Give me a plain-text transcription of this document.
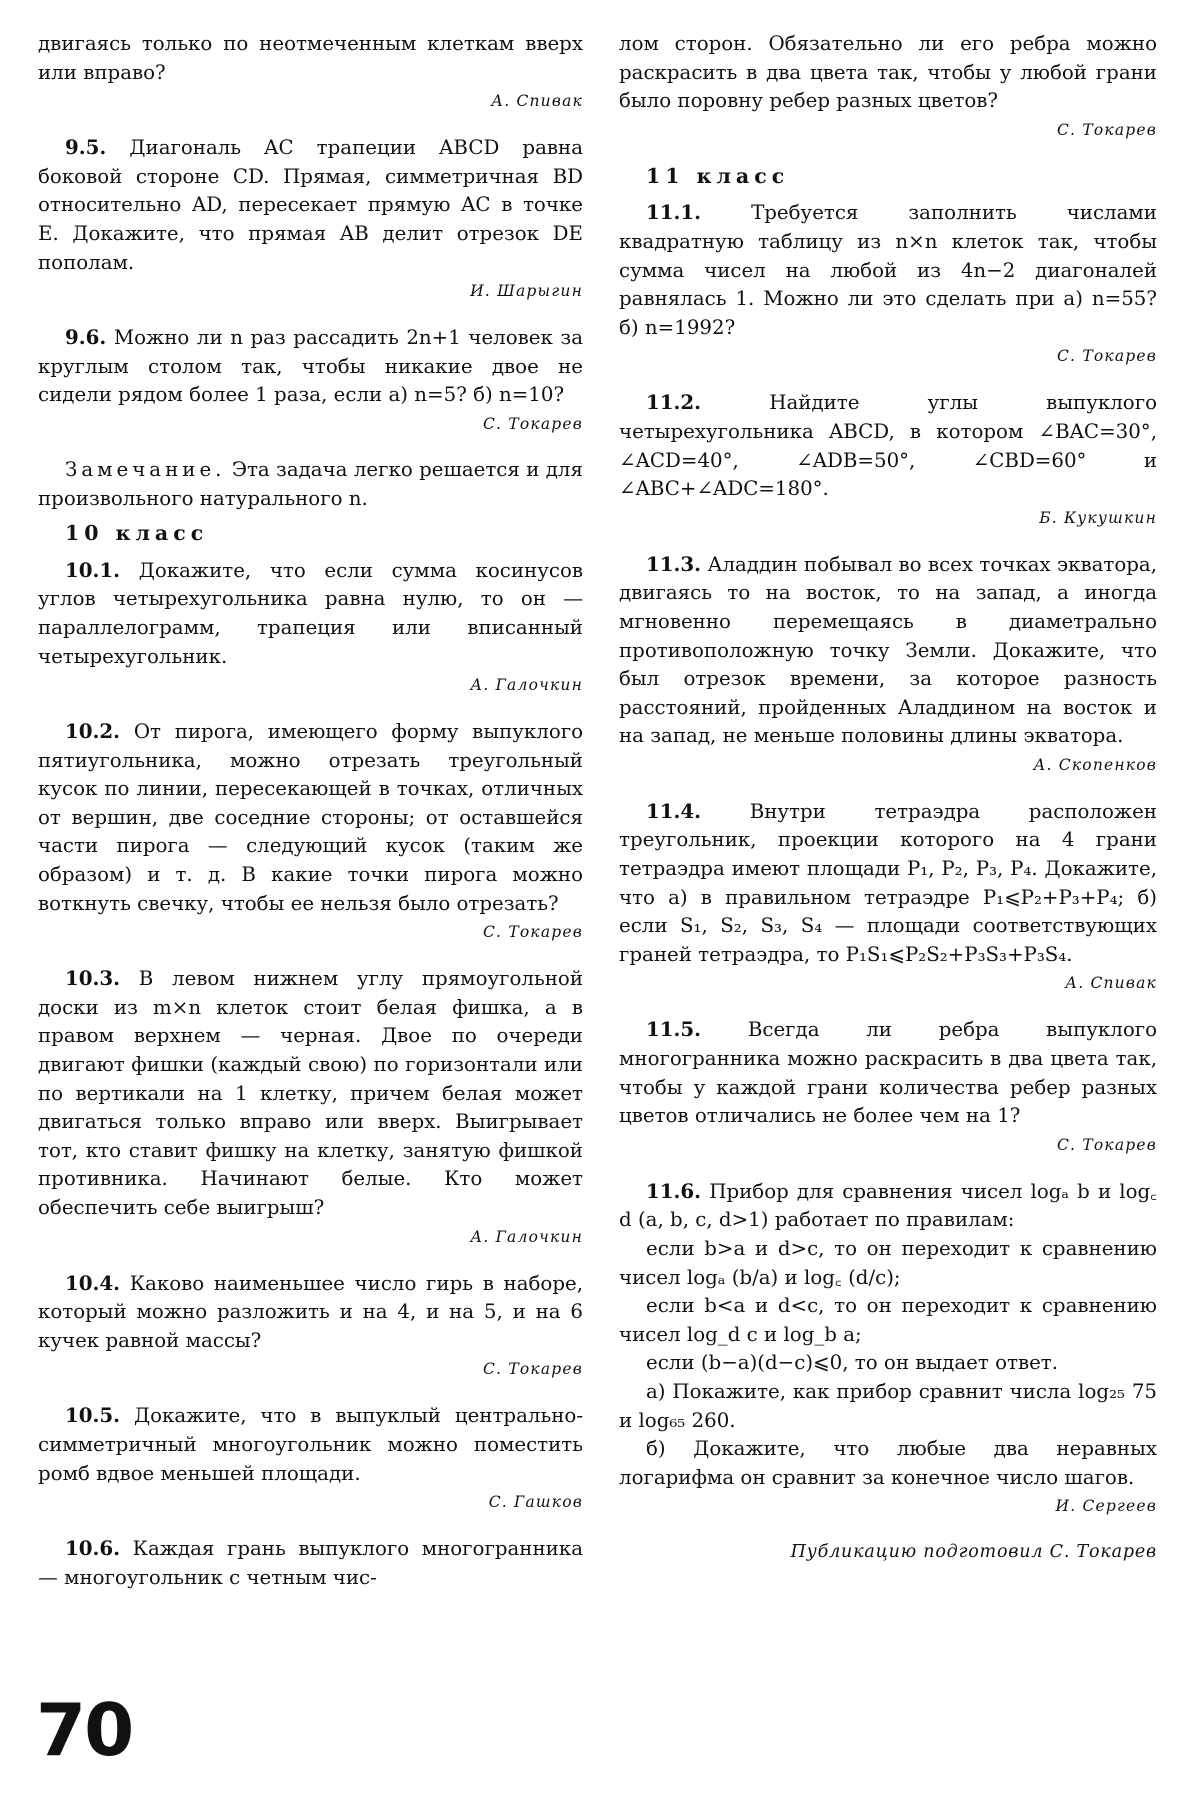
двигаясь только по неотмеченным клеткам вверх или вправо?

А. Спивак

9.5. Диагональ AC трапеции ABCD равна боковой стороне CD. Прямая, симметричная BD относительно AD, пересекает прямую AC в точке E. Докажите, что прямая AB делит отрезок DE пополам.

И. Шарыгин

9.6. Можно ли n раз рассадить 2n+1 человек за круглым столом так, чтобы никакие двое не сидели рядом более 1 раза, если а) n=5? б) n=10?

С. Токарев

Замечание. Эта задача легко решается и для произвольного натурального n.

10 класс

10.1. Докажите, что если сумма косинусов углов четырехугольника равна нулю, то он — параллелограмм, трапеция или вписанный четырехугольник.

А. Галочкин

10.2. От пирога, имеющего форму выпуклого пятиугольника, можно отрезать треугольный кусок по линии, пересекающей в точках, отличных от вершин, две соседние стороны; от оставшейся части пирога — следующий кусок (таким же образом) и т. д. В какие точки пирога можно воткнуть свечку, чтобы ее нельзя было отрезать?

С. Токарев

10.3. В левом нижнем углу прямоугольной доски из m×n клеток стоит белая фишка, а в правом верхнем — черная. Двое по очереди двигают фишки (каждый свою) по горизонтали или по вертикали на 1 клетку, причем белая может двигаться только вправо или вверх. Выигрывает тот, кто ставит фишку на клетку, занятую фишкой противника. Начинают белые. Кто может обеспечить себе выигрыш?

А. Галочкин

10.4. Каково наименьшее число гирь в наборе, который можно разложить и на 4, и на 5, и на 6 кучек равной массы?

С. Токарев

10.5. Докажите, что в выпуклый центрально-симметричный многоугольник можно поместить ромб вдвое меньшей площади.

С. Гашков

10.6. Каждая грань выпуклого многогранника — многоугольник с четным чис-

лом сторон. Обязательно ли его ребра можно раскрасить в два цвета так, чтобы у любой грани было поровну ребер разных цветов?

С. Токарев
11 класс

11.1.	Требуется заполнить числами квадратную таблицу из n×n клеток так, чтобы сумма чисел на любой из 4n−2 диагоналей равнялась 1. Можно ли это сделать при а) n=55? б) n=1992?

С. Токарев

11.2.	Найдите углы выпуклого четырехугольника ABCD, в котором ∠BAC=30°, ∠ACD=40°, ∠ADB=50°, ∠CBD=60° и ∠ABC+∠ADC=180°.

Б. Кукушкин

11.3. Аладдин побывал во всех точках экватора, двигаясь то на восток, то на запад, а иногда мгновенно перемещаясь в диаметрально противоположную точку Земли. Докажите, что был отрезок времени, за которое разность расстояний, пройденных Аладдином на восток и на запад, не меньше половины длины экватора.

А. Скопенков

11.4. Внутри тетраэдра расположен треугольник, проекции которого на 4 грани тетраэдра имеют площади P₁, P₂, P₃, P₄. Докажите, что а) в правильном тетраэдре P₁⩽P₂+P₃+P₄; б) если S₁, S₂, S₃, S₄ — площади соответствующих граней тетраэдра, то P₁S₁⩽P₂S₂+P₃S₃+P₃S₄.

А. Спивак

11.5. Всегда ли ребра выпуклого многогранника можно раскрасить в два цвета так, чтобы у каждой грани количества ребер разных цветов отличались не более чем на 1?

С. Токарев

11.6. Прибор для сравнения чисел logₐ b и log꜀ d (a, b, c, d>1) работает по правилам:

если b>a и d>c, то он переходит к сравнению чисел logₐ (b/a) и log꜀ (d/c);

если b<a и d<c, то он переходит к сравнению чисел log_d c и log_b a;

если (b−a)(d−c)⩽0, то он выдает ответ.

а) Покажите, как прибор сравнит числа log₂₅ 75 и log₆₅ 260.

б) Докажите, что любые два неравных логарифма он сравнит за конечное число шагов.

И. Сергеев
Публикацию подготовил С. Токарев
70
